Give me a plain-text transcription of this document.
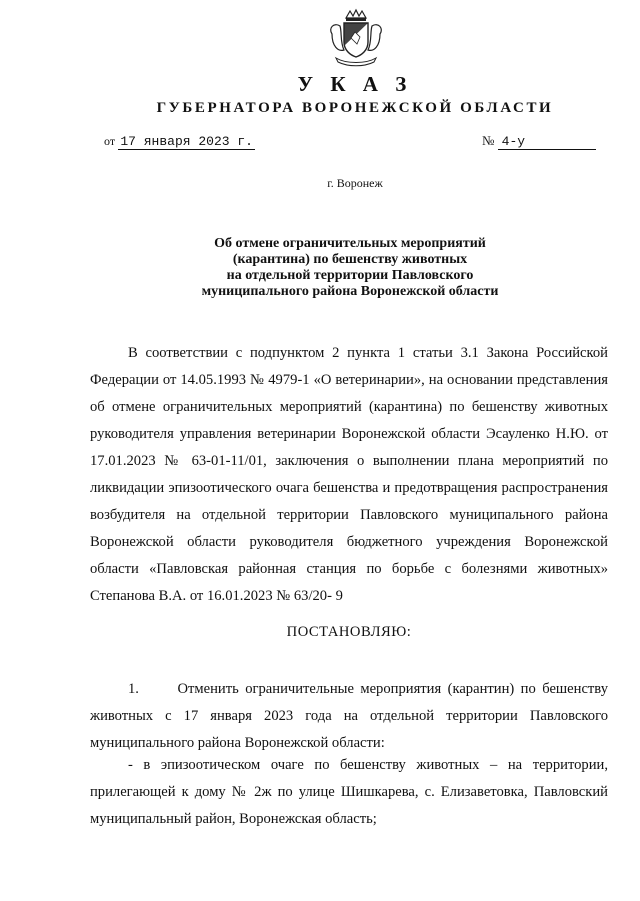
У К А З
ГУБЕРНАТОРА ВОРОНЕЖСКОЙ ОБЛАСТИ
от 17 января 2023 г.	№ 4-у
г. Воронеж
Об отмене ограничительных мероприятий
(карантина) по бешенству животных
на отдельной территории Павловского
муниципального района Воронежской области
В соответствии с подпунктом 2 пункта 1 статьи 3.1 Закона Российской Федерации от 14.05.1993 № 4979-1 «О ветеринарии», на основании представления об отмене ограничительных мероприятий (карантина) по бешенству животных руководителя управления ветеринарии Воронежской области Эсауленко Н.Ю. от 17.01.2023 № 63-01-11/01, заключения о выполнении плана мероприятий по ликвидации эпизоотического очага бешенства и предотвращения распространения возбудителя на отдельной территории Павловского муниципального района Воронежской области руководителя бюджетного учреждения Воронежской области «Павловская районная станция по борьбе с болезнями животных» Степанова В.А. от 16.01.2023 № 63/20- 9
ПОСТАНОВЛЯЮ:
1.      Отменить ограничительные мероприятия (карантин) по бешенству животных с 17 января 2023 года на отдельной территории Павловского муниципального района Воронежской области:
- в эпизоотическом очаге по бешенству животных – на территории, прилегающей к дому № 2ж по улице Шишкарева, с. Елизаветовка, Павловский муниципальный район, Воронежская область;
